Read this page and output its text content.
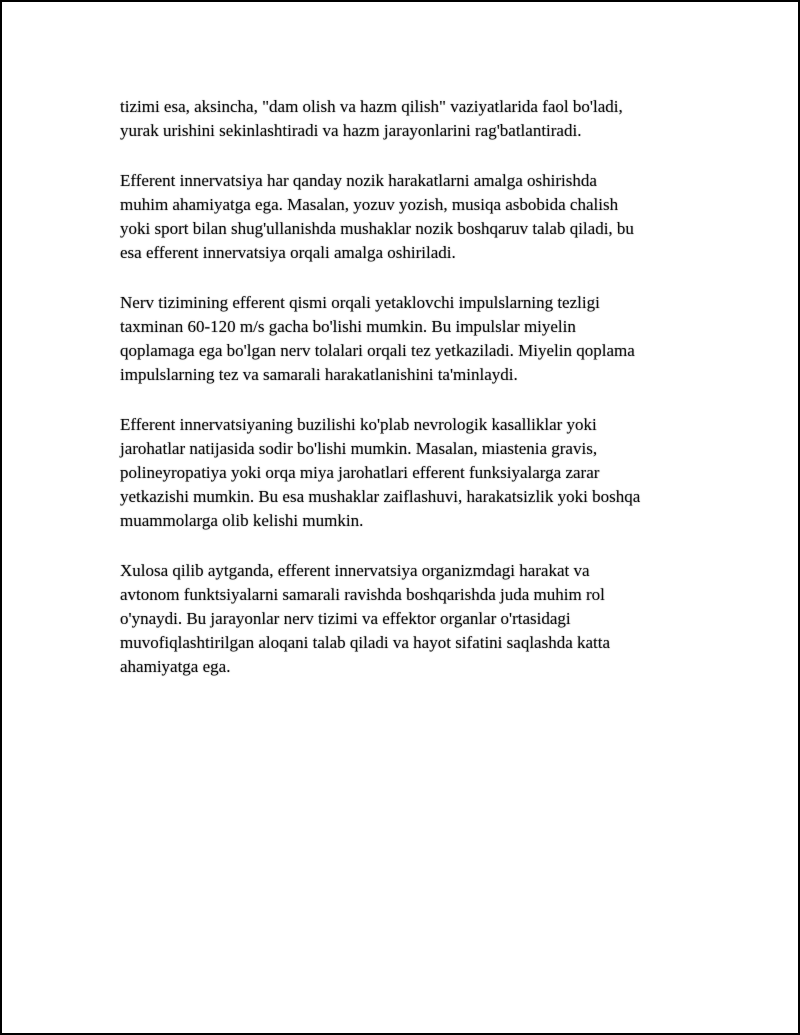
tizimi esa, aksincha, "dam olish va hazm qilish" vaziyatlarida faol bo'ladi,
yurak urishini sekinlashtiradi va hazm jarayonlarini rag'batlantiradi.

Efferent innervatsiya har qanday nozik harakatlarni amalga oshirishda
muhim ahamiyatga ega. Masalan, yozuv yozish, musiqa asbobida chalish
yoki sport bilan shug'ullanishda mushaklar nozik boshqaruv talab qiladi, bu
esa efferent innervatsiya orqali amalga oshiriladi.

Nerv tizimining efferent qismi orqali yetaklovchi impulslarning tezligi
taxminan 60-120 m/s gacha bo'lishi mumkin. Bu impulslar miyelin
qoplamaga ega bo'lgan nerv tolalari orqali tez yetkaziladi. Miyelin qoplama
impulslarning tez va samarali harakatlanishini ta'minlaydi.

Efferent innervatsiyaning buzilishi ko'plab nevrologik kasalliklar yoki
jarohatlar natijasida sodir bo'lishi mumkin. Masalan, miastenia gravis,
polineyropatiya yoki orqa miya jarohatlari efferent funksiyalarga zarar
yetkazishi mumkin. Bu esa mushaklar zaiflashuvi, harakatsizlik yoki boshqa
muammolarga olib kelishi mumkin.

Xulosa qilib aytganda, efferent innervatsiya organizmdagi harakat va
avtonom funktsiyalarni samarali ravishda boshqarishda juda muhim rol
o'ynaydi. Bu jarayonlar nerv tizimi va effektor organlar o'rtasidagi
muvofiqlashtirilgan aloqani talab qiladi va hayot sifatini saqlashda katta
ahamiyatga ega.
